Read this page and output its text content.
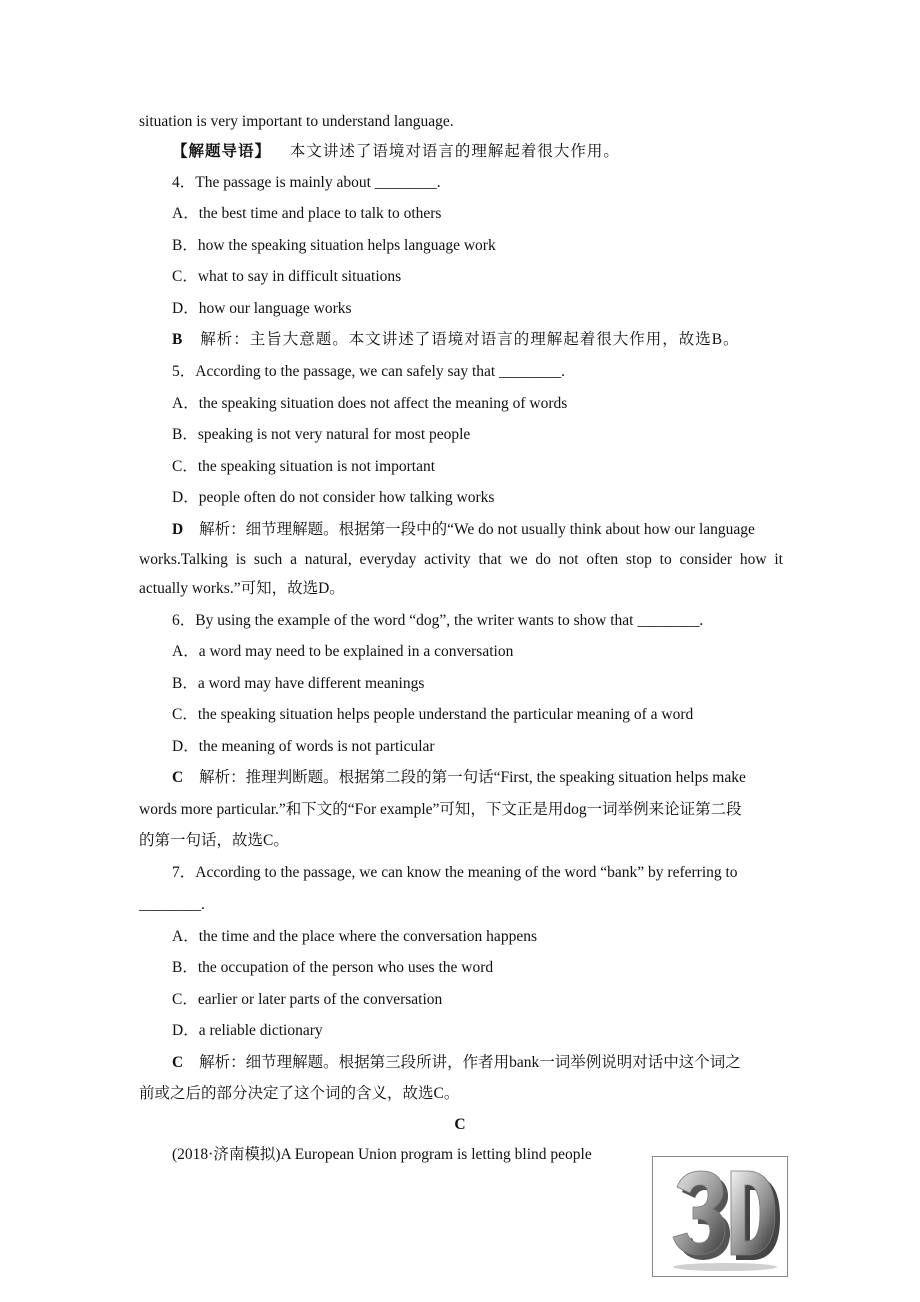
situation is very important to understand language.
【解题导语】 本文讲述了语境对语言的理解起着很大作用。
4．The passage is mainly about ________.
A．the best time and place to talk to others
B．how the speaking situation helps language work
C．what to say in difficult situations
D．how our language works
B 解析：主旨大意题。本文讲述了语境对语言的理解起着很大作用，故选B。
5．According to the passage, we can safely say that ________.
A．the speaking situation does not affect the meaning of words
B．speaking is not very natural for most people
C．the speaking situation is not important
D．people often do not consider how talking works
D 解析：细节理解题。根据第一段中的“We do not usually think about how our language
works.Talking is such a natural, everyday activity that we do not often stop to consider how it
actually works.”可知，故选D。
6．By using the example of the word “dog”, the writer wants to show that ________.
A．a word may need to be explained in a conversation
B．a word may have different meanings
C．the speaking situation helps people understand the particular meaning of a word
D．the meaning of words is not particular
C 解析：推理判断题。根据第二段的第一句话“First, the speaking situation helps make
words more particular.”和下文的“For example”可知，下文正是用dog一词举例来论证第二段
的第一句话，故选C。
7．According to the passage, we can know the meaning of the word “bank” by referring to
________.
A．the time and the place where the conversation happens
B．the occupation of the person who uses the word
C．earlier or later parts of the conversation
D．a reliable dictionary
C 解析：细节理解题。根据第三段所讲，作者用bank一词举例说明对话中这个词之
前或之后的部分决定了这个词的含义，故选C。
C
(2018·济南模拟)A European Union program is letting blind people
